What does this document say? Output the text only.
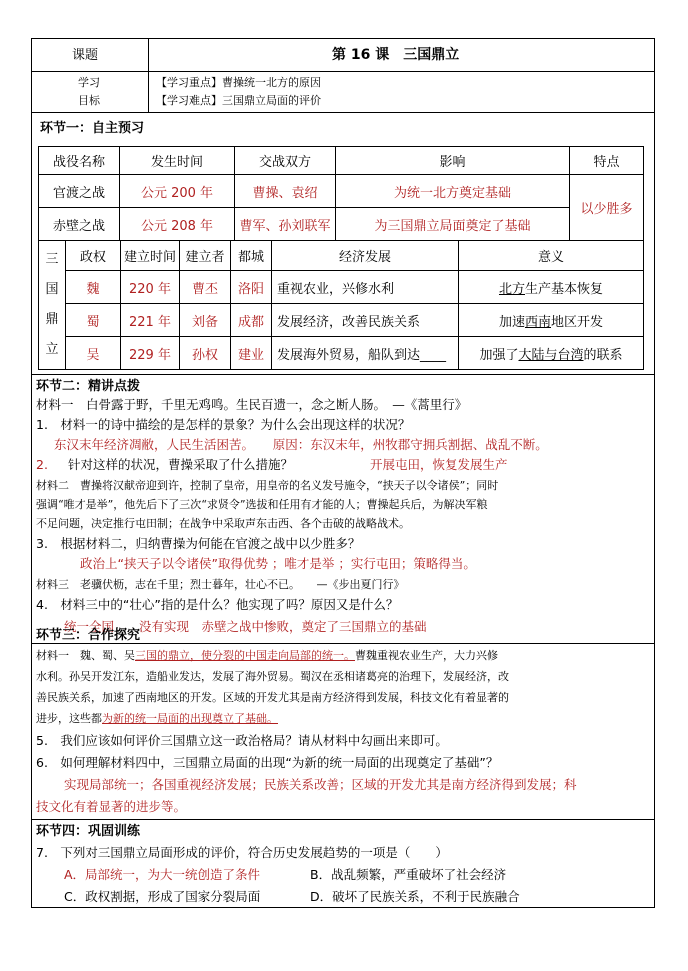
课题	第 16 课　三国鼎立
学习
目标
【学习重点】曹操统一北方的原因
【学习难点】三国鼎立局面的评价
环节一：自主预习
战役名称	发生时间	交战双方	影响	特点
官渡之战	公元 200 年	曹操、袁绍	为统一北方奠定基础	以少胜多
赤壁之战	公元 208 年	曹军、孙刘联军	为三国鼎立局面奠定了基础	
三
国
鼎
立	政权	建立时间	建立者	都城	经济发展	意义
	魏	220 年	曹丕	洛阳	重视农业，兴修水利	北方生产基本恢复
	蜀	221 年	刘备	成都	发展经济，改善民族关系	加速西南地区开发
	吴	229 年	孙权	建业	发展海外贸易，船队到达____	加强了大陆与台湾的联系
环节二：精讲点拨
材料一　白骨露于野，千里无鸡鸣。生民百遗一，念之断人肠。　—《蒿里行》
1.　材料一的诗中描绘的是怎样的景象？为什么会出现这样的状况？
东汉末年经济凋敝，人民生活困苦。　　原因：东汉末年，州牧郡守拥兵割据、战乱不断。
2. 针对这样的状况，曹操采取了什么措施？	开展屯田，恢复发展生产
材料二　曹操将汉献帝迎到许，控制了皇帝，用皇帝的名义发号施令，“挟天子以令诸侯”；同时
强调“唯才是举”，他先后下了三次“求贤令”选拔和任用有才能的人；曹操起兵后，为解决军粮
不足问题，决定推行屯田制；在战争中采取声东击西、各个击破的战略战术。
3.　根据材料二，归纳曹操为何能在官渡之战中以少胜多？
政治上“挟天子以令诸侯”取得优势 ；唯才是举 ；实行屯田；策略得当。
材料三　老骥伏枥，志在千里；烈士暮年，壮心不已。　　—《步出夏门行》
4.　材料三中的“壮心”指的是什么？他实现了吗？原因又是什么？
统一全国　　没有实现　赤壁之战中惨败，奠定了三国鼎立的基础
环节三：合作探究
材料一　魏、蜀、吴三国的鼎立，使分裂的中国走向局部的统一。曹魏重视农业生产，大力兴修
水利。孙吴开发江东，造船业发达，发展了海外贸易。蜀汉在丞相诸葛亮的治理下，发展经济，改
善民族关系，加速了西南地区的开发。区域的开发尤其是南方经济得到发展，科技文化有着显著的
进步，这些都为新的统一局面的出现奠立了基础。
5.　我们应该如何评价三国鼎立这一政治格局？请从材料中勾画出来即可。
6.　如何理解材料四中，三国鼎立局面的出现“为新的统一局面的出现奠定了基础”？
实现局部统一；各国重视经济发展；民族关系改善；区域的开发尤其是南方经济得到发展；科
技文化有着显著的进步等。
环节四：巩固训练
7.　下列对三国鼎立局面形成的评价，符合历史发展趋势的一项是（　　）
A．局部统一，为大一统创造了条件	B．战乱频繁，严重破坏了社会经济
C．政权割据，形成了国家分裂局面	D．破坏了民族关系，不利于民族融合
